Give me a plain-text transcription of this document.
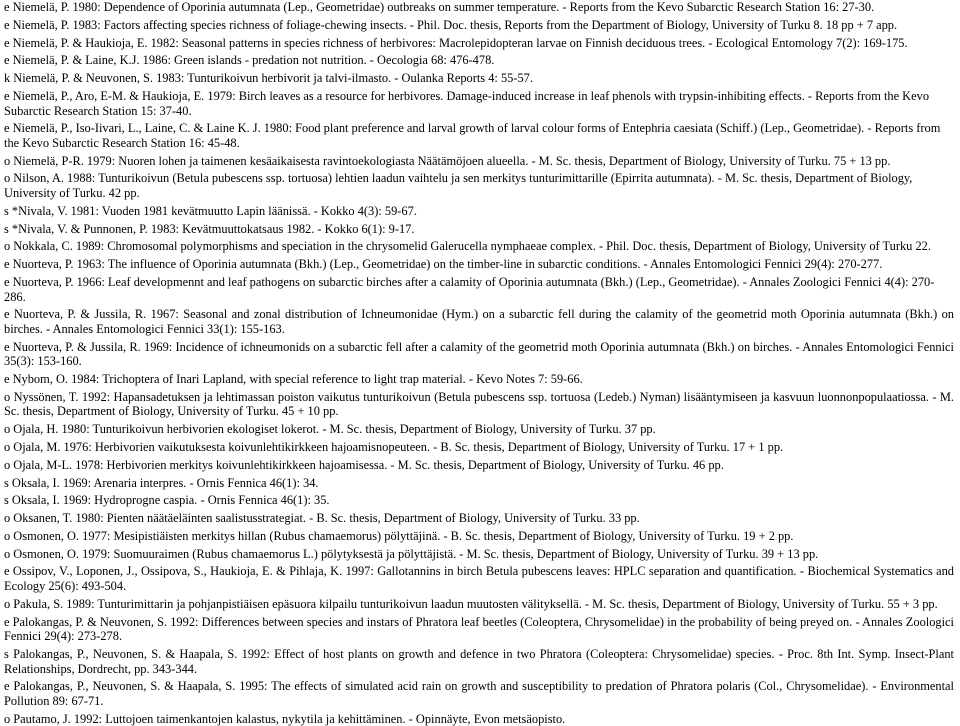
e Niemelä, P. 1980: Dependence of Oporinia autumnata (Lep., Geometridae) outbreaks on summer temperature. - Reports from the Kevo Subarctic Research Station 16: 27-30.

e Niemelä, P. 1983: Factors affecting species richness of foliage-chewing insects. - Phil. Doc. thesis, Reports from the Department of Biology, University of Turku 8. 18 pp + 7 app.

e Niemelä, P. & Haukioja, E. 1982: Seasonal patterns in species richness of herbivores: Macrolepidopteran larvae on Finnish deciduous trees. - Ecological Entomology 7(2): 169-175.

e Niemelä, P. & Laine, K.J. 1986: Green islands - predation not nutrition. - Oecologia 68: 476-478.

k Niemelä, P. & Neuvonen, S. 1983: Tunturikoivun herbivorit ja talvi-ilmasto. - Oulanka Reports 4: 55-57.

e Niemelä, P., Aro, E-M. & Haukioja, E. 1979: Birch leaves as a resource for herbivores. Damage-induced increase in leaf phenols with trypsin-inhibiting effects. - Reports from the Kevo Subarctic Research Station 15: 37-40.

e Niemelä, P., Iso-Iivari, L., Laine, C. & Laine K. J. 1980: Food plant preference and larval growth of larval colour forms of Entephria caesiata (Schiff.) (Lep., Geometridae). - Reports from the Kevo Subarctic Research Station 16: 45-48.

o Niemelä, P-R. 1979: Nuoren lohen ja taimenen kesäaikaisesta ravintoekologiasta Näätämöjoen alueella. - M. Sc. thesis, Department of Biology, University of Turku. 75 + 13 pp.

o Nilson, A. 1988: Tunturikoivun (Betula pubescens ssp. tortuosa) lehtien laadun vaihtelu ja sen merkitys tunturimittarille (Epirrita autumnata). - M. Sc. thesis, Department of Biology, University of Turku. 42 pp.

s *Nivala, V. 1981: Vuoden 1981 kevätmuutto Lapin läänissä. - Kokko 4(3): 59-67.

s *Nivala, V. & Punnonen, P. 1983: Kevätmuuttokatsaus 1982. - Kokko 6(1): 9-17.

o Nokkala, C. 1989: Chromosomal polymorphisms and speciation in the chrysomelid Galerucella nymphaeae complex. - Phil. Doc. thesis, Department of Biology, University of Turku 22.

e Nuorteva, P. 1963: The influence of Oporinia autumnata (Bkh.) (Lep., Geometridae) on the timber-line in subarctic conditions. - Annales Entomologici Fennici 29(4): 270-277.

e Nuorteva, P. 1966: Leaf developmennt and leaf pathogens on subarctic birches after a calamity of Oporinia autumnata (Bkh.) (Lep., Geometridae). - Annales Zoologici Fennici 4(4): 270-286.

e Nuorteva, P. & Jussila, R. 1967: Seasonal and zonal distribution of Ichneumonidae (Hym.) on a subarctic fell during the calamity of the geometrid moth Oporinia autumnata (Bkh.) on birches. - Annales Entomologici Fennici 33(1): 155-163.

e Nuorteva, P. & Jussila, R. 1969: Incidence of ichneumonids on a subarctic fell after a calamity of the geometrid moth Oporinia autumnata (Bkh.) on birches. - Annales Entomologici Fennici 35(3): 153-160.

e Nybom, O. 1984: Trichoptera of Inari Lapland, with special reference to light trap material. - Kevo Notes 7: 59-66.

o Nyssönen, T. 1992: Hapansadetuksen ja lehtimassan poiston vaikutus tunturikoivun (Betula pubescens ssp. tortuosa (Ledeb.) Nyman) lisääntymiseen ja kasvuun luonnonpopulaatiossa. - M. Sc. thesis, Department of Biology, University of Turku. 45 + 10 pp.

o Ojala, H. 1980: Tunturikoivun herbivorien ekologiset lokerot. - M. Sc. thesis, Department of Biology, University of Turku. 37 pp.

o Ojala, M. 1976: Herbivorien vaikutuksesta koivunlehtikirkkeen hajoamisnopeuteen. - B. Sc. thesis, Department of Biology, University of Turku. 17 + 1 pp.

o Ojala, M-L. 1978: Herbivorien merkitys koivunlehtikirkkeen hajoamisessa. - M. Sc. thesis, Department of Biology, University of Turku. 46 pp.

s Oksala, I. 1969: Arenaria interpres. - Ornis Fennica 46(1): 34.

s Oksala, I. 1969: Hydroprogne caspia. - Ornis Fennica 46(1): 35.

o Oksanen, T. 1980: Pienten näätäeläinten saalistusstrategiat. - B. Sc. thesis, Department of Biology, University of Turku. 33 pp.

o Osmonen, O. 1977: Mesipistiäisten merkitys hillan (Rubus chamaemorus) pölyttäjinä. - B. Sc. thesis, Department of Biology, University of Turku. 19 + 2 pp.

o Osmonen, O. 1979: Suomuuraimen (Rubus chamaemorus L.) pölytyksestä ja pölyttäjistä. - M. Sc. thesis, Department of Biology, University of Turku. 39 + 13 pp.

e Ossipov, V., Loponen, J., Ossipova, S., Haukioja, E. & Pihlaja, K. 1997: Gallotannins in birch Betula pubescens leaves: HPLC separation and quantification. - Biochemical Systematics and Ecology 25(6): 493-504.

o Pakula, S. 1989: Tunturimittarin ja pohjanpistiäisen epäsuora kilpailu tunturikoivun laadun muutosten välityksellä. - M. Sc. thesis, Department of Biology, University of Turku. 55 + 3 pp.

e Palokangas, P. & Neuvonen, S. 1992: Differences between species and instars of Phratora leaf beetles (Coleoptera, Chrysomelidae) in the probability of being preyed on. - Annales Zoologici Fennici 29(4): 273-278.

s Palokangas, P., Neuvonen, S. & Haapala, S. 1992: Effect of host plants on growth and defence in two Phratora (Coleoptera: Chrysomelidae) species. - Proc. 8th Int. Symp. Insect-Plant Relationships, Dordrecht, pp. 343-344.

e Palokangas, P., Neuvonen, S. & Haapala, S. 1995: The effects of simulated acid rain on growth and susceptibility to predation of Phratora polaris (Col., Chrysomelidae). - Environmental Pollution 89: 67-71.

o Pautamo, J. 1992: Luttojoen taimenkantojen kalastus, nykytila ja kehittäminen. - Opinnäyte, Evon metsäopisto.
